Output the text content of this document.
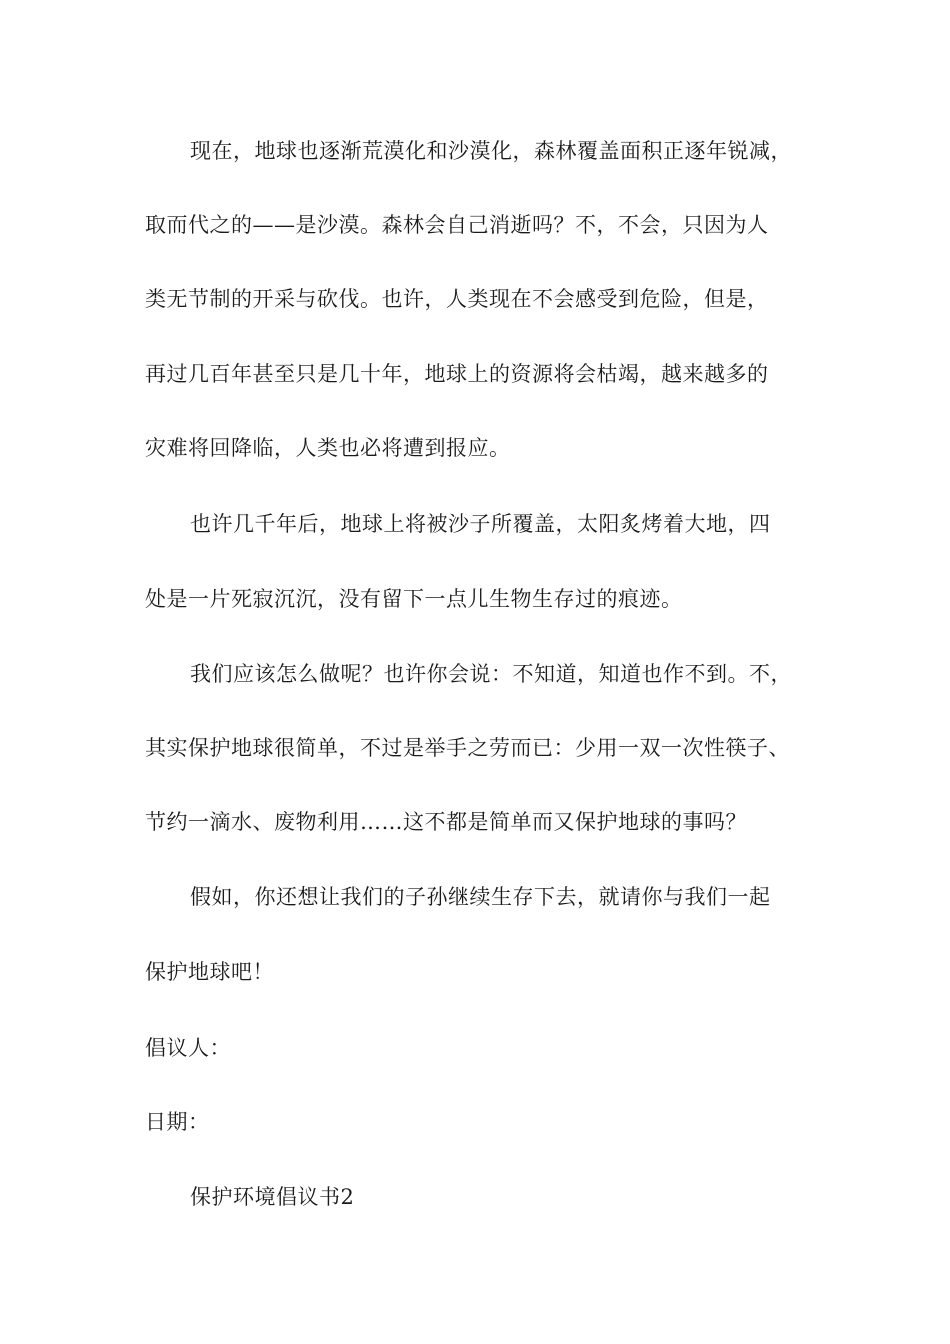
现在，地球也逐渐荒漠化和沙漠化，森林覆盖面积正逐年锐减，
取而代之的——是沙漠。森林会自己消逝吗？不，不会，只因为人
类无节制的开采与砍伐。也许，人类现在不会感受到危险，但是，
再过几百年甚至只是几十年，地球上的资源将会枯竭，越来越多的
灾难将回降临，人类也必将遭到报应。
也许几千年后，地球上将被沙子所覆盖，太阳炙烤着大地，四
处是一片死寂沉沉，没有留下一点儿生物生存过的痕迹。
我们应该怎么做呢？也许你会说：不知道，知道也作不到。不，
其实保护地球很简单，不过是举手之劳而已：少用一双一次性筷子、
节约一滴水、废物利用……这不都是简单而又保护地球的事吗？
假如，你还想让我们的子孙继续生存下去，就请你与我们一起
保护地球吧！
倡议人：
日期：
保护环境倡议书2
